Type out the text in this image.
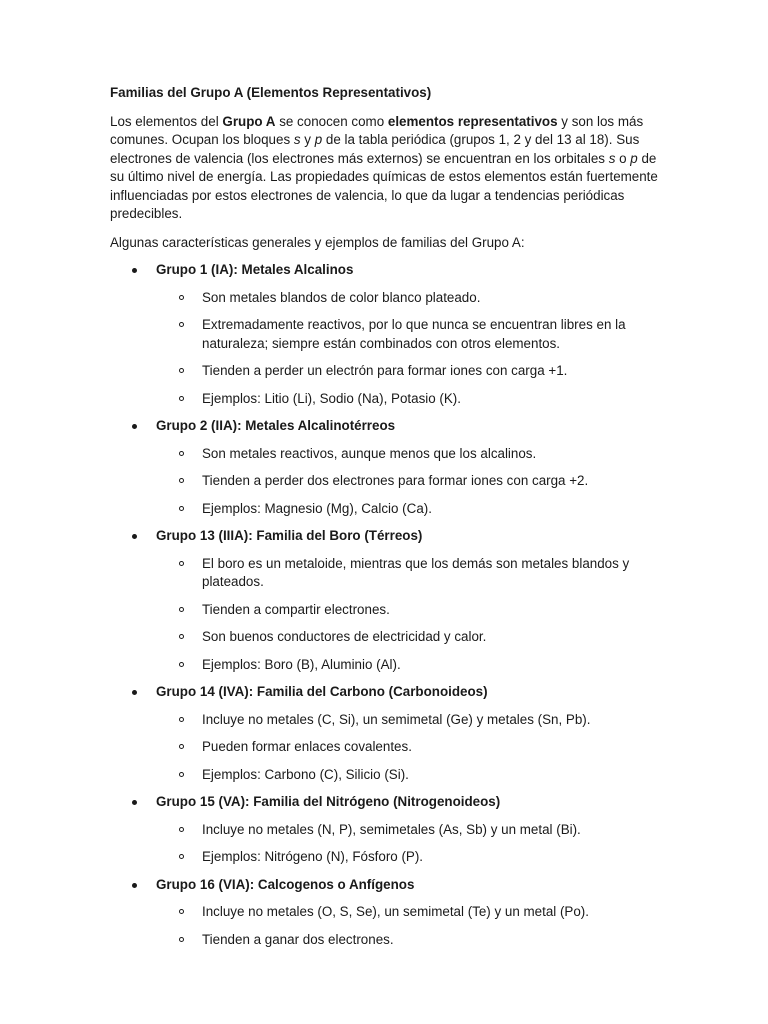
Familias del Grupo A (Elementos Representativos)

Los elementos del Grupo A se conocen como elementos representativos y son los más comunes. Ocupan los bloques s y p de la tabla periódica (grupos 1, 2 y del 13 al 18). Sus electrones de valencia (los electrones más externos) se encuentran en los orbitales s o p de su último nivel de energía. Las propiedades químicas de estos elementos están fuertemente influenciadas por estos electrones de valencia, lo que da lugar a tendencias periódicas predecibles.

Algunas características generales y ejemplos de familias del Grupo A:

Grupo 1 (IA): Metales Alcalinos
Son metales blandos de color blanco plateado.
Extremadamente reactivos, por lo que nunca se encuentran libres en la naturaleza; siempre están combinados con otros elementos.
Tienden a perder un electrón para formar iones con carga +1.
Ejemplos: Litio (Li), Sodio (Na), Potasio (K).
Grupo 2 (IIA): Metales Alcalinotérreos
Son metales reactivos, aunque menos que los alcalinos.
Tienden a perder dos electrones para formar iones con carga +2.
Ejemplos: Magnesio (Mg), Calcio (Ca).
Grupo 13 (IIIA): Familia del Boro (Térreos)
El boro es un metaloide, mientras que los demás son metales blandos y plateados.
Tienden a compartir electrones.
Son buenos conductores de electricidad y calor.
Ejemplos: Boro (B), Aluminio (Al).
Grupo 14 (IVA): Familia del Carbono (Carbonoideos)
Incluye no metales (C, Si), un semimetal (Ge) y metales (Sn, Pb).
Pueden formar enlaces covalentes.
Ejemplos: Carbono (C), Silicio (Si).
Grupo 15 (VA): Familia del Nitrógeno (Nitrogenoideos)
Incluye no metales (N, P), semimetales (As, Sb) y un metal (Bi).
Ejemplos: Nitrógeno (N), Fósforo (P).
Grupo 16 (VIA): Calcogenos o Anfígenos
Incluye no metales (O, S, Se), un semimetal (Te) y un metal (Po).
Tienden a ganar dos electrones.
